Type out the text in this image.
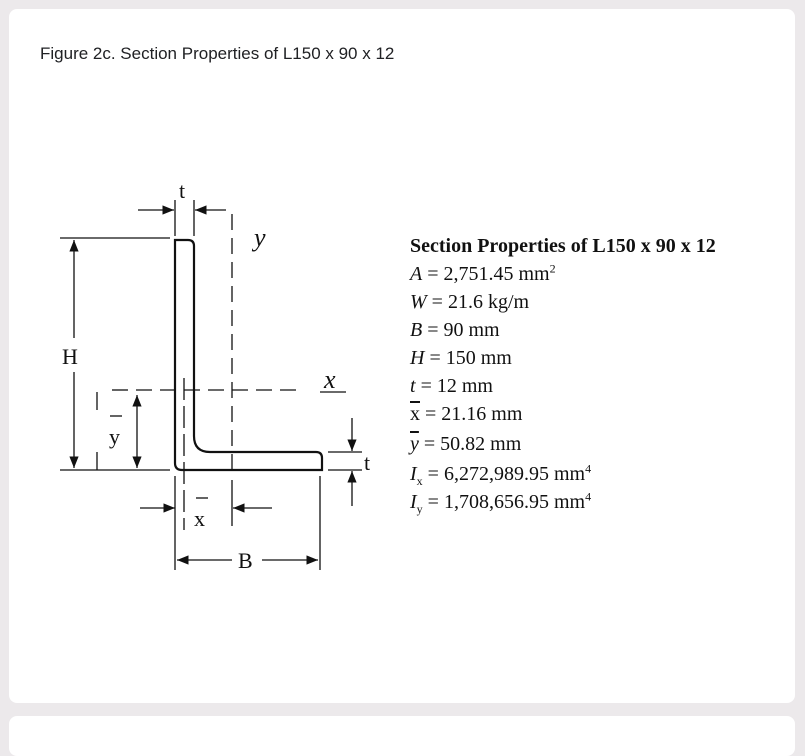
Figure 2c. Section Properties of L150 x 90 x 12
H
y
x
y
t
t
x
B
Section Properties of L150 x 90 x 12
A = 2,751.45 $mm^2$
W = 21.6 kg/m
B = 90 mm
H = 150 mm
t = 12 mm
$\overline{x} = 21.16$ mm
$\overline{y} = 50.82$ mm
$I_x = 6,272,989.95$ $mm^4$
$I_y = 1,708,656.95$ $mm^4$
